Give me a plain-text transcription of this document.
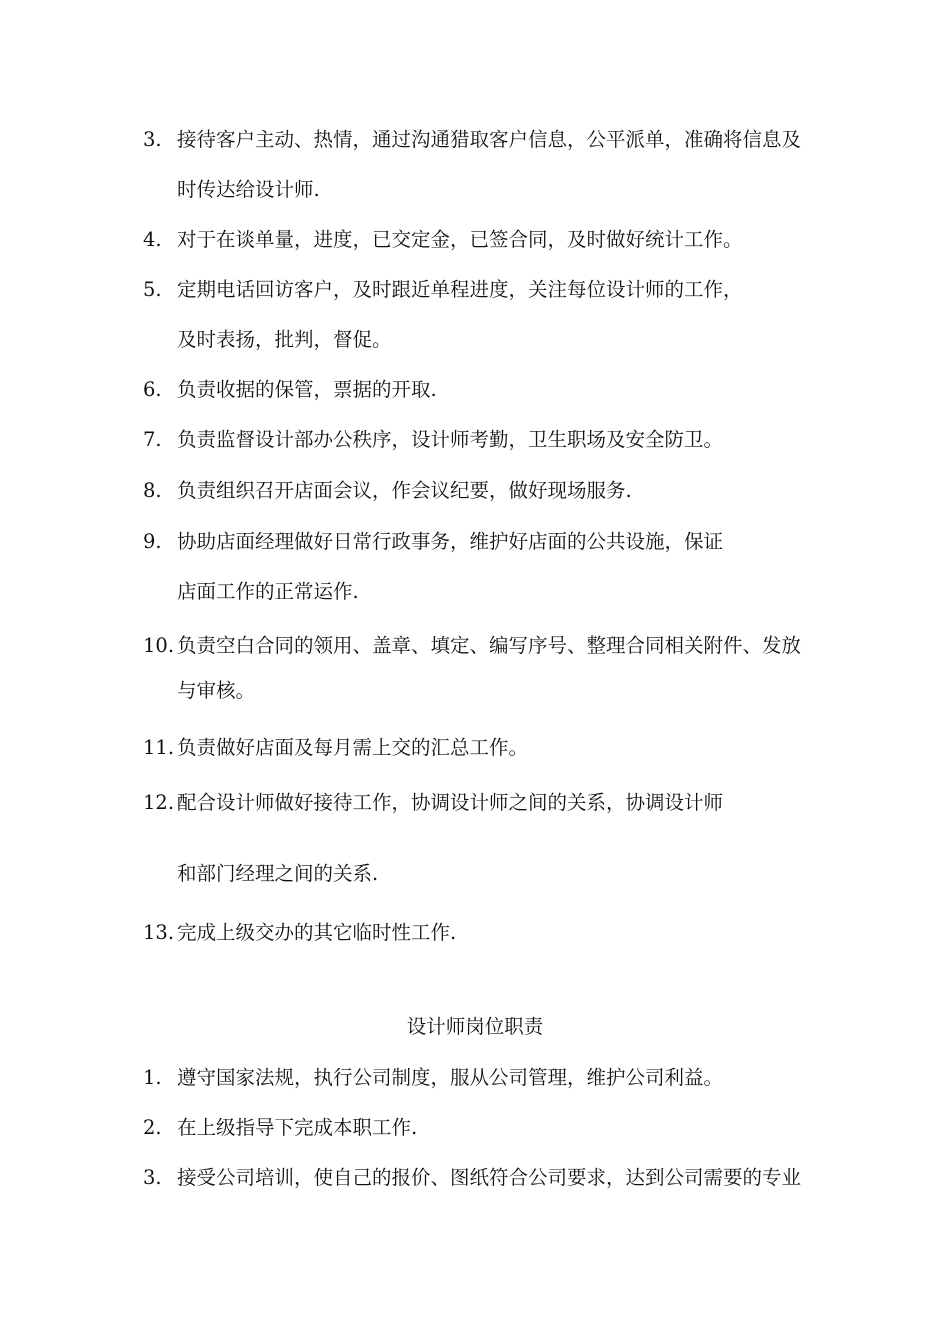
3. 接待客户主动、热情，通过沟通猎取客户信息，公平派单，准确将信息及
时传达给设计师.
4. 对于在谈单量，进度，已交定金，已签合同，及时做好统计工作。
5. 定期电话回访客户，及时跟近单程进度，关注每位设计师的工作，
及时表扬，批判，督促。
6. 负责收据的保管，票据的开取.
7. 负责监督设计部办公秩序，设计师考勤，卫生职场及安全防卫。
8. 负责组织召开店面会议，作会议纪要，做好现场服务.
9. 协助店面经理做好日常行政事务，维护好店面的公共设施，保证
店面工作的正常运作.
10. 负责空白合同的领用、盖章、填定、编写序号、整理合同相关附件、发放
与审核。
11. 负责做好店面及每月需上交的汇总工作。
12. 配合设计师做好接待工作，协调设计师之间的关系，协调设计师
和部门经理之间的关系.
13. 完成上级交办的其它临时性工作.
设计师岗位职责
1. 遵守国家法规，执行公司制度，服从公司管理，维护公司利益。
2. 在上级指导下完成本职工作.
3. 接受公司培训，使自己的报价、图纸符合公司要求，达到公司需要的专业
